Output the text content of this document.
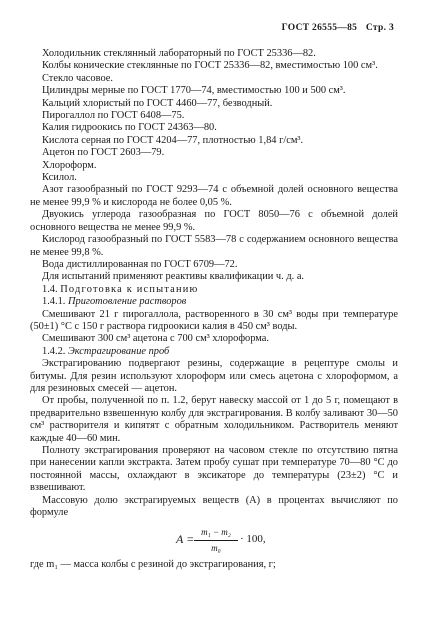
ГОСТ 26555—85 Стр. 3

Холодильник стеклянный лабораторный по ГОСТ 25336—82.

Колбы конические стеклянные по ГОСТ 25336—82, вместимостью 100 см³.

Стекло часовое.

Цилиндры мерные по ГОСТ 1770—74, вместимостью 100 и 500 см³.

Кальций хлористый по ГОСТ 4460—77, безводный.

Пирогаллол по ГОСТ 6408—75.

Калия гидроокись по ГОСТ 24363—80.

Кислота серная по ГОСТ 4204—77, плотностью 1,84 г/см³.

Ацетон по ГОСТ 2603—79.

Хлороформ.

Ксилол.

Азот газообразный по ГОСТ 9293—74 с объемной долей основного вещества не менее 99,9 % и кислорода не более 0,05 %.

Двуокись углерода газообразная по ГОСТ 8050—76 с объемной долей основного вещества не менее 99,9 %.

Кислород газообразный по ГОСТ 5583—78 с содержанием основного вещества не менее 99,8 %.

Вода дистиллированная по ГОСТ 6709—72.

Для испытаний применяют реактивы квалификации ч. д. а.

1.4. Подготовка к испытанию

1.4.1. Приготовление растворов

Смешивают 21 г пирогаллола, растворенного в 30 см³ воды при температуре (50±1) °С с 150 г раствора гидроокиси калия в 450 см³ воды.

Смешивают 300 см³ ацетона с 700 см³ хлороформа.

1.4.2. Экстрагирование проб

Экстрагированию подвергают резины, содержащие в рецептуре смолы и битумы. Для резин используют хлороформ или смесь ацетона с хлороформом, а для резиновых смесей — ацетон.

От пробы, полученной по п. 1.2, берут навеску массой от 1 до 5 г, помещают в предварительно взвешенную колбу для экстрагирования. В колбу заливают 30—50 см³ растворителя и кипятят с обратным холодильником. Растворитель меняют каждые 40—60 мин.

Полноту экстрагирования проверяют на часовом стекле по отсутствию пятна при нанесении капли экстракта. Затем пробу сушат при температуре 70—80 °С до постоянной массы, охлаждают в эксикаторе до температуры (23±2) °С и взвешивают.

Массовую долю экстрагируемых веществ (А) в процентах вычисляют по формуле

$A = \frac{\text{m₁ − m₂}}{\text{m₀}} \cdot 100$,

где m₁ — масса колбы с резиной до экстрагирования, г;
